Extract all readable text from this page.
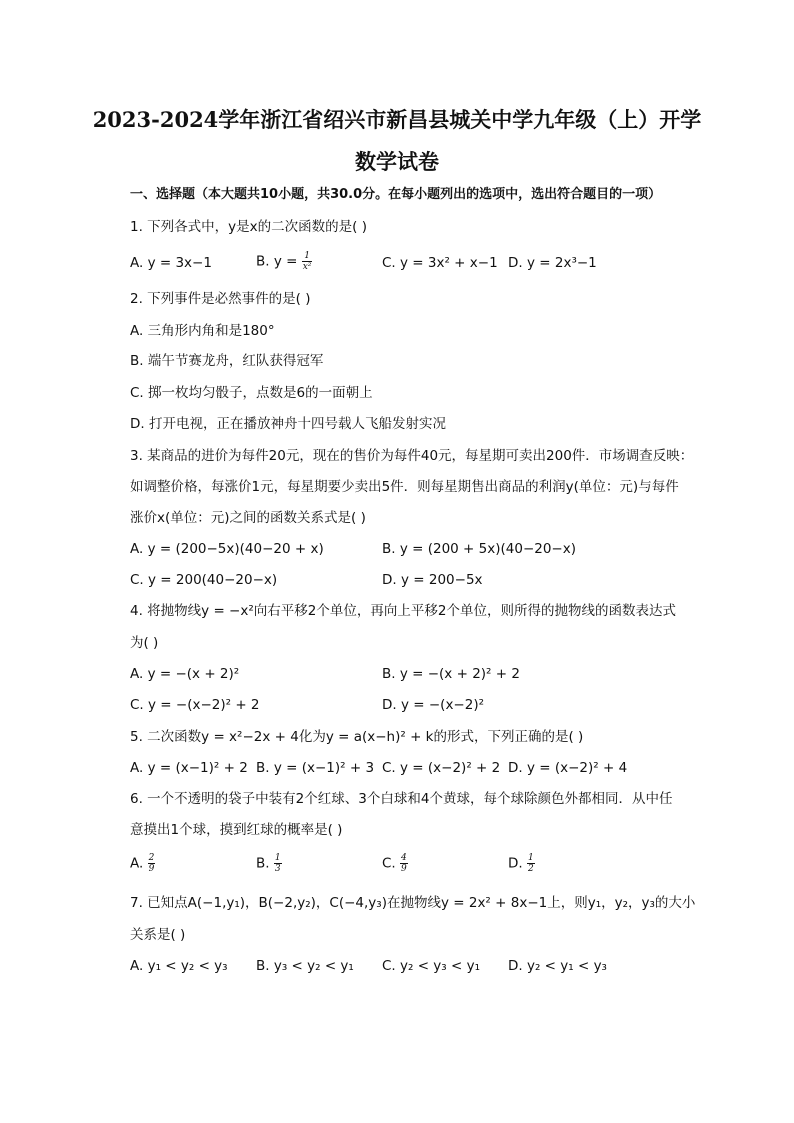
2023-2024学年浙江省绍兴市新昌县城关中学九年级（上）开学
数学试卷
一、选择题（本大题共10小题，共30.0分。在每小题列出的选项中，选出符合题目的一项）
1. 下列各式中，y是x的二次函数的是( )
A. y = 3x−1	B. $y = \frac{1}{\text{x²}}$	C. y = 3x² + x−1 D. y = 2x³−1
2. 下列事件是必然事件的是( )
A. 三角形内角和是180°
B. 端午节赛龙舟，红队获得冠军
C. 掷一枚均匀骰子，点数是6的一面朝上
D. 打开电视，正在播放神舟十四号载人飞船发射实况
3. 某商品的进价为每件20元，现在的售价为每件40元，每星期可卖出200件．市场调查反映：
如调整价格，每涨价1元，每星期要少卖出5件．则每星期售出商品的利润y(单位：元)与每件
涨价x(单位：元)之间的函数关系式是( )
A. y = (200−5x)(40−20 + x)	B. y = (200 + 5x)(40−20−x)
C. y = 200(40−20−x)	D. y = 200−5x
4. 将抛物线y = −x²向右平移2个单位，再向上平移2个单位，则所得的抛物线的函数表达式
为( )
A. y = −(x + 2)²	B. y = −(x + 2)² + 2
C. y = −(x−2)² + 2	D. y = −(x−2)²
5. 二次函数y = x²−2x + 4化为y = a(x−h)² + k的形式，下列正确的是( )
A. y = (x−1)² + 2 B. y = (x−1)² + 3 C. y = (x−2)² + 2 D. y = (x−2)² + 4
6. 一个不透明的袋子中装有2个红球、3个白球和4个黄球，每个球除颜色外都相同．从中任
意摸出1个球，摸到红球的概率是( )
A. $\frac{2}{9}$	B. $\frac{1}{3}$	C. $\frac{4}{9}$	D. $\frac{1}{2}$
7. 已知点A(−1,y₁)，B(−2,y₂)，C(−4,y₃)在抛物线y = 2x² + 8x−1上，则y₁，y₂，y₃的大小
关系是( )
A. y₁ < y₂ < y₃ B. y₃ < y₂ < y₁ C. y₂ < y₃ < y₁ D. y₂ < y₁ < y₃
